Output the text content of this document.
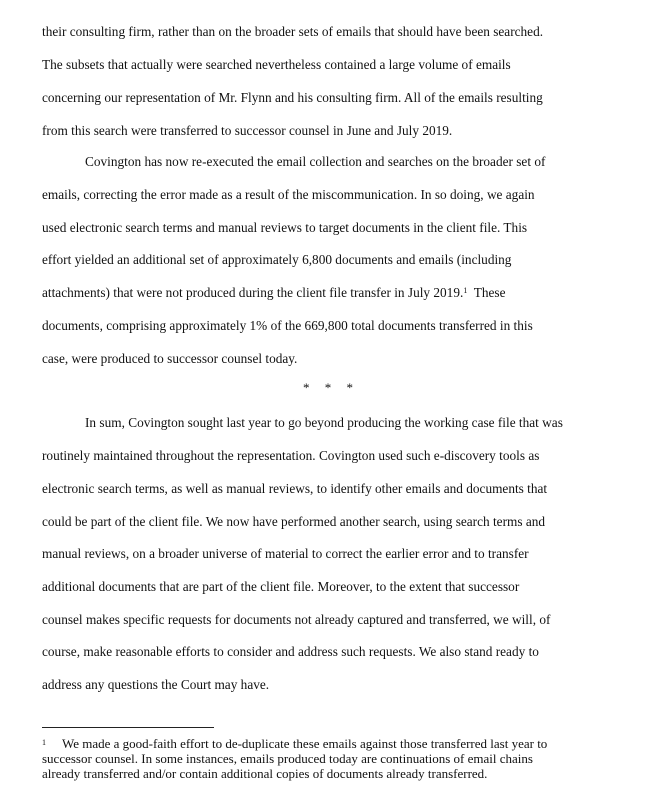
their consulting firm, rather than on the broader sets of emails that should have been searched.
The subsets that actually were searched nevertheless contained a large volume of emails
concerning our representation of Mr. Flynn and his consulting firm. All of the emails resulting
from this search were transferred to successor counsel in June and July 2019.
Covington has now re-executed the email collection and searches on the broader set of
emails, correcting the error made as a result of the miscommunication. In so doing, we again
used electronic search terms and manual reviews to target documents in the client file. This
effort yielded an additional set of approximately 6,800 documents and emails (including
attachments) that were not produced during the client file transfer in July 2019.$^1$  These
documents, comprising approximately 1% of the 669,800 total documents transferred in this
case, were produced to successor counsel today.
* * *
In sum, Covington sought last year to go beyond producing the working case file that was
routinely maintained throughout the representation. Covington used such e-discovery tools as
electronic search terms, as well as manual reviews, to identify other emails and documents that
could be part of the client file. We now have performed another search, using search terms and
manual reviews, on a broader universe of material to correct the earlier error and to transfer
additional documents that are part of the client file. Moreover, to the extent that successor
counsel makes specific requests for documents not already captured and transferred, we will, of
course, make reasonable efforts to consider and address such requests. We also stand ready to
address any questions the Court may have.
$^1$ We made a good-faith effort to de-duplicate these emails against those transferred last year to
successor counsel. In some instances, emails produced today are continuations of email chains
already transferred and/or contain additional copies of documents already transferred.
